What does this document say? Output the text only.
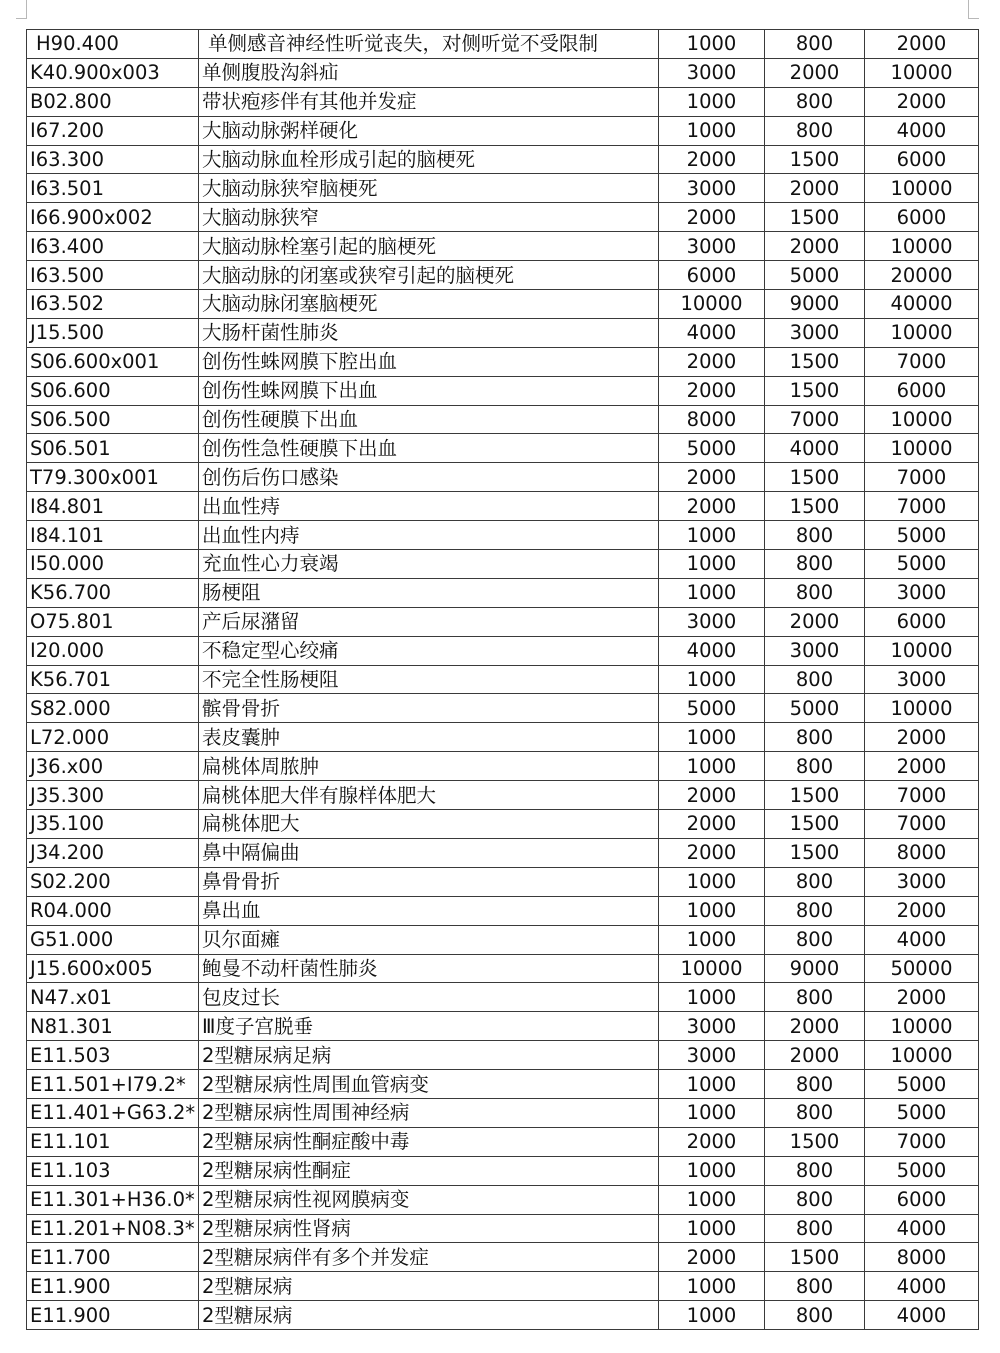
H90.400	单侧感音神经性听觉丧失，对侧听觉不受限制	1000	800	2000
K40.900x003	单侧腹股沟斜疝	3000	2000	10000
B02.800	带状疱疹伴有其他并发症	1000	800	2000
I67.200	大脑动脉粥样硬化	1000	800	4000
I63.300	大脑动脉血栓形成引起的脑梗死	2000	1500	6000
I63.501	大脑动脉狭窄脑梗死	3000	2000	10000
I66.900x002	大脑动脉狭窄	2000	1500	6000
I63.400	大脑动脉栓塞引起的脑梗死	3000	2000	10000
I63.500	大脑动脉的闭塞或狭窄引起的脑梗死	6000	5000	20000
I63.502	大脑动脉闭塞脑梗死	10000	9000	40000
J15.500	大肠杆菌性肺炎	4000	3000	10000
S06.600x001	创伤性蛛网膜下腔出血	2000	1500	7000
S06.600	创伤性蛛网膜下出血	2000	1500	6000
S06.500	创伤性硬膜下出血	8000	7000	10000
S06.501	创伤性急性硬膜下出血	5000	4000	10000
T79.300x001	创伤后伤口感染	2000	1500	7000
I84.801	出血性痔	2000	1500	7000
I84.101	出血性内痔	1000	800	5000
I50.000	充血性心力衰竭	1000	800	5000
K56.700	肠梗阻	1000	800	3000
O75.801	产后尿潴留	3000	2000	6000
I20.000	不稳定型心绞痛	4000	3000	10000
K56.701	不完全性肠梗阻	1000	800	3000
S82.000	髌骨骨折	5000	5000	10000
L72.000	表皮囊肿	1000	800	2000
J36.x00	扁桃体周脓肿	1000	800	2000
J35.300	扁桃体肥大伴有腺样体肥大	2000	1500	7000
J35.100	扁桃体肥大	2000	1500	7000
J34.200	鼻中隔偏曲	2000	1500	8000
S02.200	鼻骨骨折	1000	800	3000
R04.000	鼻出血	1000	800	2000
G51.000	贝尔面瘫	1000	800	4000
J15.600x005	鲍曼不动杆菌性肺炎	10000	9000	50000
N47.x01	包皮过长	1000	800	2000
N81.301	Ⅲ度子宫脱垂	3000	2000	10000
E11.503	2型糖尿病足病	3000	2000	10000
E11.501+I79.2*	2型糖尿病性周围血管病变	1000	800	5000
E11.401+G63.2*	2型糖尿病性周围神经病	1000	800	5000
E11.101	2型糖尿病性酮症酸中毒	2000	1500	7000
E11.103	2型糖尿病性酮症	1000	800	5000
E11.301+H36.0*	2型糖尿病性视网膜病变	1000	800	6000
E11.201+N08.3*	2型糖尿病性肾病	1000	800	4000
E11.700	2型糖尿病伴有多个并发症	2000	1500	8000
E11.900	2型糖尿病	1000	800	4000
E11.900	2型糖尿病	1000	800	4000
